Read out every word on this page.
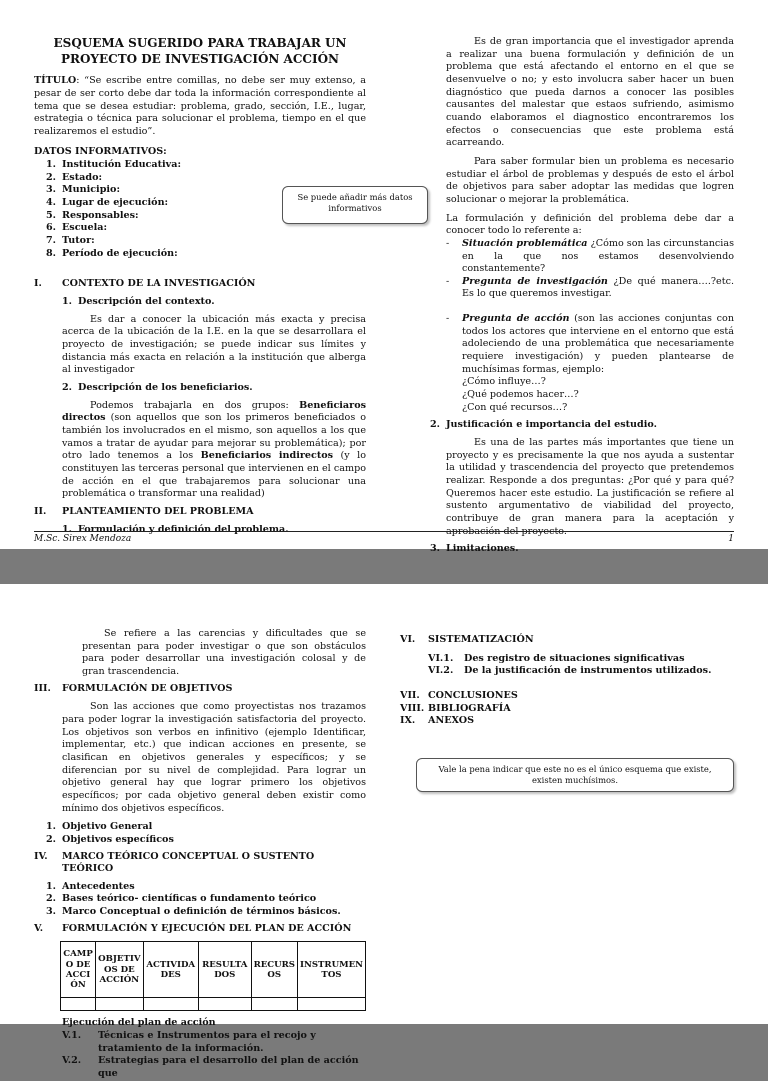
ESQUEMA SUGERIDO PARA TRABAJAR UN PROYECTO DE INVESTIGACIÓN ACCIÓN

TÍTULO: “Se escribe entre comillas, no debe ser muy extenso, a pesar de ser corto debe dar toda la información correspondiente al tema que se desea estudiar: problema, grado, sección, I.E., lugar, estrategia o técnica para solucionar el problema, tiempo en el que realizaremos el estudio”.

DATOS INFORMATIVOS:
1. Institución Educativa:
2. Estado:
3. Municipio:
4. Lugar de ejecución:
5. Responsables:
6. Escuela:
7. Tutor:
8. Período de ejecución:
I.	CONTEXTO DE LA INVESTIGACIÓN
1. Descripción del contexto.

Es dar a conocer la ubicación más exacta y precisa acerca de la ubicación de la I.E. en la que se desarrollara el proyecto de investigación; se puede indicar sus límites y distancia más exacta en relación a la institución que alberga al investigador

2. Descripción de los beneficiarios.

Podemos trabajarla en dos grupos: Beneficiaros directos (son aquellos que son los primeros beneficiados o también los involucrados en el mismo, son aquellos a los que vamos a tratar de ayudar para mejorar su problemática); por otro lado tenemos a los Beneficiarios indirectos (y lo constituyen las terceras personal que intervienen en el campo de acción en el que trabajaremos para solucionar una problemática o transformar una realidad)

II.	PLANTEAMIENTO DEL PROBLEMA
1. Formulación y definición del problema.
Se puede añadir más datos informativos

Es de gran importancia que el investigador aprenda a realizar una buena formulación y definición de un problema que está afectando el entorno en el que se desenvuelve o no; y esto involucra saber hacer un buen diagnóstico que pueda darnos a conocer las posibles causantes del malestar que estaos sufriendo, asimismo cuando elaboramos el diagnostico encontraremos los efectos o consecuencias que este problema está acarreando.

Para saber formular bien un problema es necesario estudiar el árbol de problemas y después de esto el árbol de objetivos para saber adoptar las medidas que logren solucionar o mejorar la problemática.

La formulación y definición del problema debe dar a conocer todo lo referente a:

-	Situación problemática ¿Cómo son las circunstancias en la que nos estamos desenvolviendo constantemente?

-	Pregunta de investigación ¿De qué manera….?etc. Es lo que queremos investigar.

-	Pregunta de acción (son las acciones conjuntas con todos los actores que interviene en el entorno que está adoleciendo de una problemática que necesariamente requiere investigación) y pueden plantearse de muchísimas formas, ejemplo:

¿Cómo influye…?
¿Qué podemos hacer…?
¿Con qué recursos…?
2. Justificación e importancia del estudio.

Es una de las partes más importantes que tiene un proyecto y es precisamente la que nos ayuda a sustentar la utilidad y trascendencia del proyecto que pretendemos realizar. Responde a dos preguntas: ¿Por qué y para qué? Queremos hacer este estudio. La justificación se refiere al sustento argumentativo de viabilidad del proyecto, contribuye de gran manera para la aceptación y aprobación del proyecto.

3. Limitaciones.
M.Sc. Sirex Mendoza	1

Se refiere a las carencias y dificultades que se presentan para poder investigar o que son obstáculos para poder desarrollar una investigación colosal y de gran trascendencia.

III.	FORMULACIÓN DE OBJETIVOS

Son las acciones que como proyectistas nos trazamos para poder lograr la investigación satisfactoria del proyecto. Los objetivos son verbos en infinitivo (ejemplo Identificar, implementar, etc.) que indican acciones en presente, se clasifican en objetivos generales y específicos; y se diferencian por su nivel de complejidad. Para lograr un objetivo general hay que lograr primero los objetivos específicos; por cada objetivo general deben existir como mínimo dos objetivos específicos.

1. Objetivo General
2. Objetivos específicos
IV.	MARCO TEÓRICO CONCEPTUAL O SUSTENTO TEÓRICO
1. Antecedentes
2. Bases teórico- científicas o fundamento teórico
3. Marco Conceptual o definición de términos básicos.
V.	FORMULACIÓN Y EJECUCIÓN DEL PLAN DE ACCIÓN
CAMP O DE ACCI ÓN	OBJETIV OS DE ACCIÓN	ACTIVIDA DES	RESULTA DOS	RECURS OS	INSTRUMEN TOS

Ejecución del plan de acción
V.1.	Técnicas e Instrumentos para el recojo y tratamiento de la información.
V.2.	Estrategias para el desarrollo del plan de acción que
VI.	SISTEMATIZACIÓN
VI.1.	Des registro de situaciones significativas
VI.2.	De la justificación de instrumentos utilizados.
VII. CONCLUSIONES
VIII. BIBLIOGRAFÍA
IX.	ANEXOS
Vale la pena indicar que este no es el único esquema que existe, existen muchísimos.
